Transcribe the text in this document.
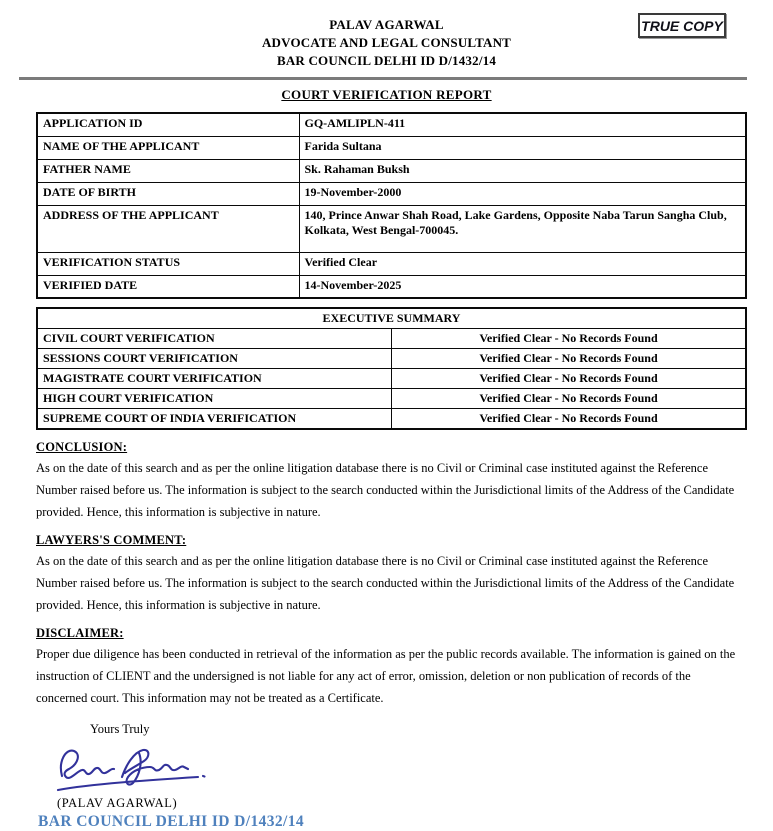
PALAV AGARWAL
ADVOCATE AND LEGAL CONSULTANT
BAR COUNCIL DELHI ID D/1432/14
TRUE COPY
COURT VERIFICATION REPORT
APPLICATION ID	GQ-AMLIPLN-411
NAME OF THE APPLICANT	Farida Sultana
FATHER NAME	Sk. Rahaman Buksh
DATE OF BIRTH	19-November-2000
ADDRESS OF THE APPLICANT	140, Prince Anwar Shah Road, Lake Gardens, Opposite Naba Tarun Sangha Club, Kolkata, West Bengal-700045.
VERIFICATION STATUS	Verified Clear
VERIFIED DATE	14-November-2025
EXECUTIVE SUMMARY	
CIVIL COURT VERIFICATION	Verified Clear - No Records Found
SESSIONS COURT VERIFICATION	Verified Clear - No Records Found
MAGISTRATE COURT VERIFICATION	Verified Clear - No Records Found
HIGH COURT VERIFICATION	Verified Clear - No Records Found
SUPREME COURT OF INDIA VERIFICATION	Verified Clear - No Records Found
CONCLUSION:
As on the date of this search and as per the online litigation database there is no Civil or Criminal case instituted against the Reference Number raised before us. The information is subject to the search conducted within the Jurisdictional limits of the Address of the Candidate provided. Hence, this information is subjective in nature.
LAWYERS'S COMMENT:
As on the date of this search and as per the online litigation database there is no Civil or Criminal case instituted against the Reference Number raised before us. The information is subject to the search conducted within the Jurisdictional limits of the Address of the Candidate provided. Hence, this information is subjective in nature.
DISCLAIMER:
Proper due diligence has been conducted in retrieval of the information as per the public records available. The information is gained on the instruction of CLIENT and the undersigned is not liable for any act of error, omission, deletion or non publication of records of the concerned court. This information may not be treated as a Certificate.
Yours Truly
(PALAV AGARWAL)
BAR COUNCIL DELHI ID D/1432/14
